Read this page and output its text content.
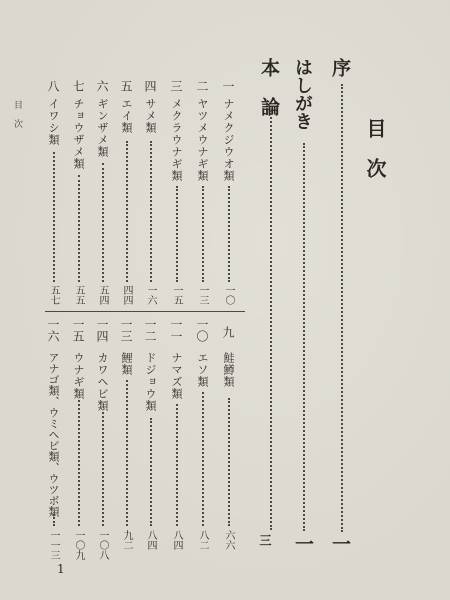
目次
序
一
はしがき
一
本論
三
一
ナメクジウオ類
一〇
二
ヤツメウナギ類
一三
三
メクラウナギ類
一五
四
サメ類
一六
五
エイ類
四四
六
ギンザメ類
五四
七
チョウザメ類
五五
八
イワシ類
五七
九
鮭鱒類
六六
一〇
エソ類
八二
一一
ナマズ類
八四
一二
ドジョウ類
八四
一三
鯉類
九二
一四
カワヘビ類
一〇八
一五
ウナギ類
一〇九
一六
アナゴ類、ウミヘビ類、ウツボ類
一一三
目次
1
